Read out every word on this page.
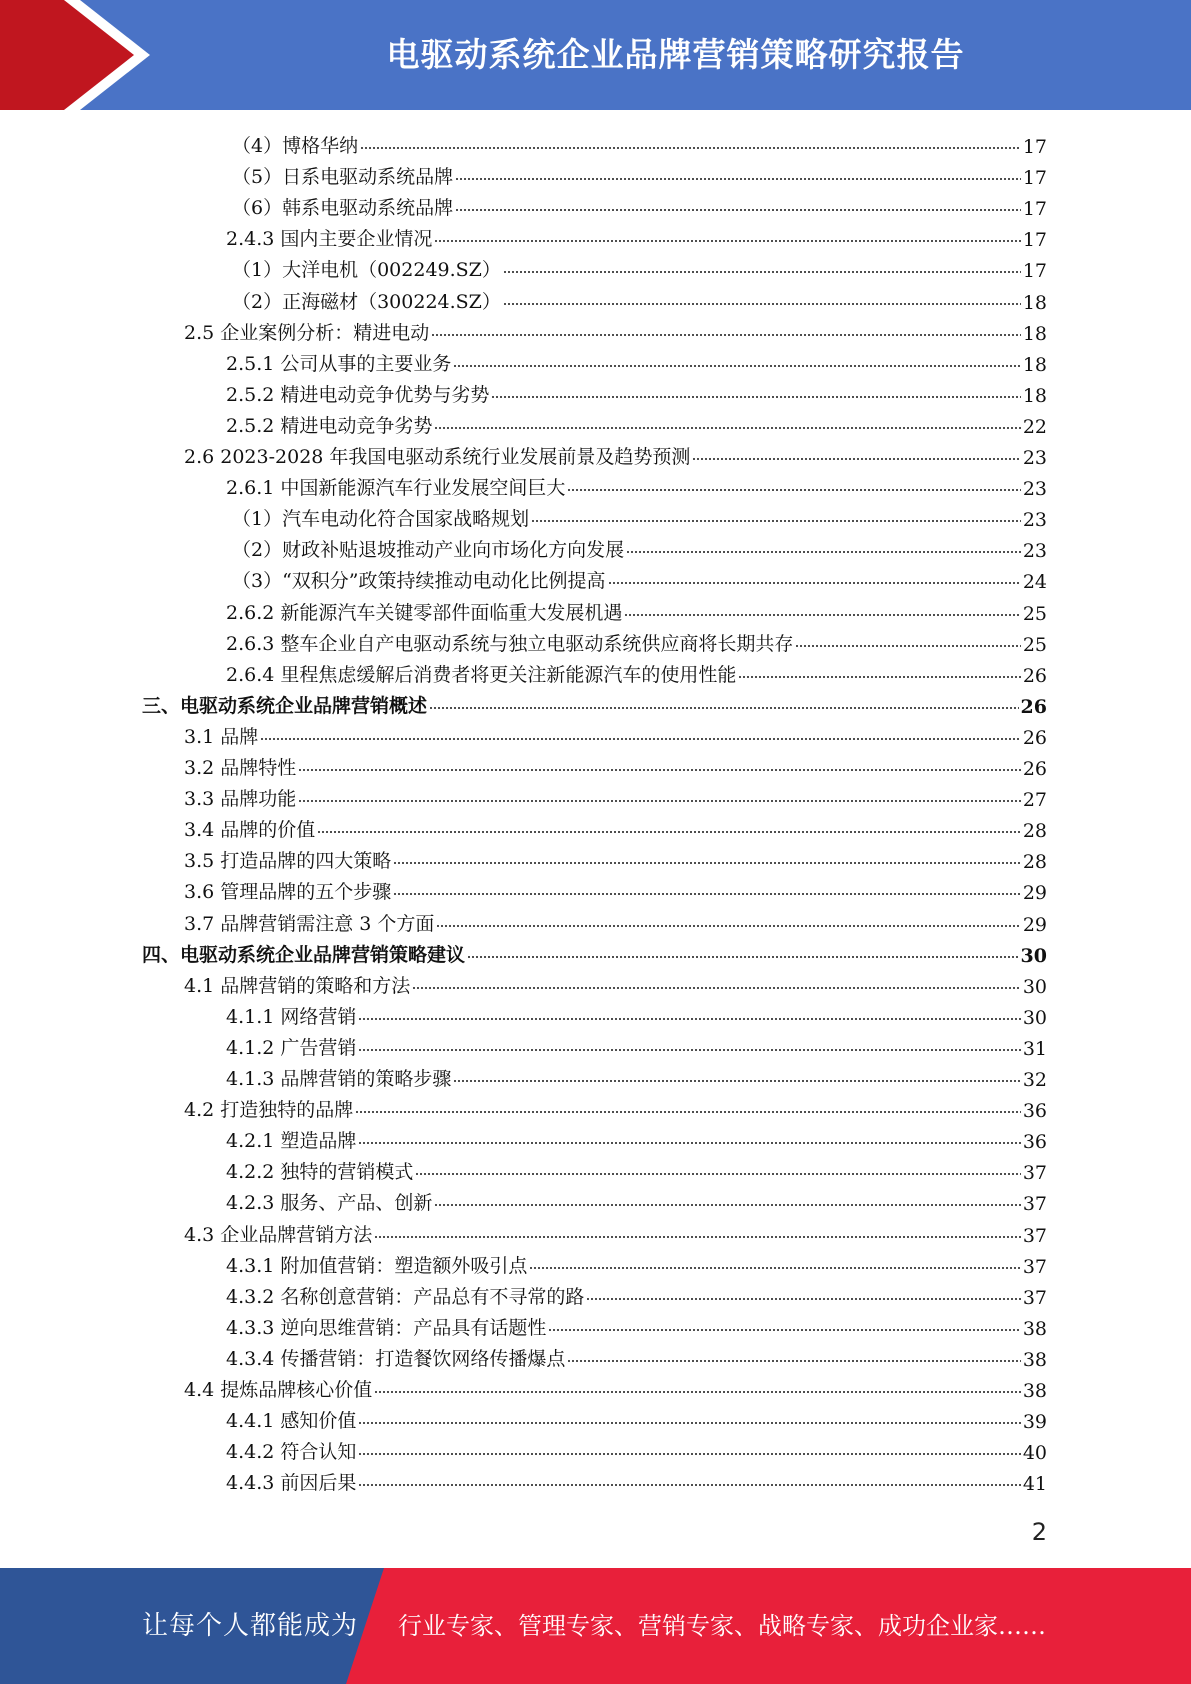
电驱动系统企业品牌营销策略研究报告
（4）博格华纳	17
（5）日系电驱动系统品牌	17
（6）韩系电驱动系统品牌	17
2.4.3 国内主要企业情况	17
（1）大洋电机（002249.SZ）	17
（2）正海磁材（300224.SZ）	18
2.5 企业案例分析：精进电动	18
2.5.1 公司从事的主要业务	18
2.5.2 精进电动竞争优势与劣势	18
2.5.2 精进电动竞争劣势	22
2.6 2023-2028 年我国电驱动系统行业发展前景及趋势预测	23
2.6.1 中国新能源汽车行业发展空间巨大	23
（1）汽车电动化符合国家战略规划	23
（2）财政补贴退坡推动产业向市场化方向发展	23
（3）“双积分”政策持续推动电动化比例提高	24
2.6.2 新能源汽车关键零部件面临重大发展机遇	25
2.6.3 整车企业自产电驱动系统与独立电驱动系统供应商将长期共存	25
2.6.4 里程焦虑缓解后消费者将更关注新能源汽车的使用性能	26
三、电驱动系统企业品牌营销概述	26
3.1 品牌	26
3.2 品牌特性	26
3.3 品牌功能	27
3.4 品牌的价值	28
3.5 打造品牌的四大策略	28
3.6 管理品牌的五个步骤	29
3.7 品牌营销需注意 3 个方面	29
四、电驱动系统企业品牌营销策略建议	30
4.1 品牌营销的策略和方法	30
4.1.1 网络营销	30
4.1.2 广告营销	31
4.1.3 品牌营销的策略步骤	32
4.2 打造独特的品牌	36
4.2.1 塑造品牌	36
4.2.2 独特的营销模式	37
4.2.3 服务、产品、创新	37
4.3 企业品牌营销方法	37
4.3.1 附加值营销：塑造额外吸引点	37
4.3.2 名称创意营销：产品总有不寻常的路	37
4.3.3 逆向思维营销：产品具有话题性	38
4.3.4 传播营销：打造餐饮网络传播爆点	38
4.4 提炼品牌核心价值	38
4.4.1 感知价值	39
4.4.2 符合认知	40
4.4.3 前因后果	41
2
让每个人都能成为 行业专家、管理专家、营销专家、战略专家、成功企业家……
